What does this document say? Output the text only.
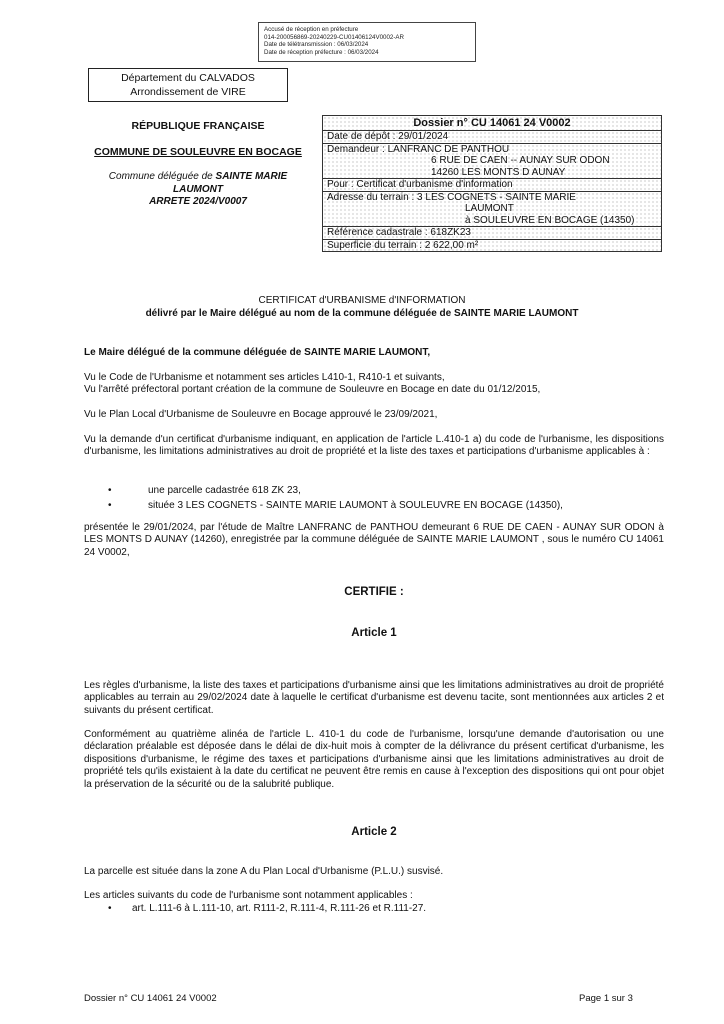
Accusé de réception en préfecture
014-200056869-20240229-CU01406124V0002-AR
Date de télétransmission : 06/03/2024
Date de réception préfecture : 06/03/2024
Département du CALVADOS
Arrondissement de VIRE
RÉPUBLIQUE FRANÇAISE
COMMUNE DE SOULEUVRE EN BOCAGE
Commune déléguée de SAINTE MARIE
LAUMONT
ARRETE 2024/V0007
Dossier n° CU 14061 24 V0002
Date de dépôt : 29/01/2024
Demandeur : LANFRANC DE PANTHOU
6 RUE DE CAEN -- AUNAY SUR ODON
14260 LES MONTS D AUNAY
Pour : Certificat d'urbanisme d'information
Adresse du terrain : 3 LES COGNETS - SAINTE MARIE
LAUMONT
à SOULEUVRE EN BOCAGE (14350)
Référence cadastrale : 618ZK23
Superficie du terrain : 2 622,00 m²
CERTIFICAT d'URBANISME d'INFORMATION
délivré par le Maire délégué au nom de la commune déléguée de SAINTE MARIE LAUMONT
Le Maire délégué de la commune déléguée de SAINTE MARIE LAUMONT,
Vu le Code de l'Urbanisme et notamment ses articles L410-1, R410-1 et suivants,
Vu l'arrêté préfectoral portant création de la commune de Souleuvre en Bocage en date du 01/12/2015,
Vu le Plan Local d'Urbanisme de Souleuvre en Bocage approuvé le 23/09/2021,
Vu la demande d'un certificat d'urbanisme indiquant, en application de l'article L.410-1 a) du code de l'urbanisme, les dispositions d'urbanisme, les limitations administratives au droit de propriété et la liste des taxes et participations d'urbanisme applicables à :
•	une parcelle cadastrée 618 ZK 23,
•	située 3 LES COGNETS - SAINTE MARIE LAUMONT à SOULEUVRE EN BOCAGE (14350),
présentée le 29/01/2024, par l'étude de Maître LANFRANC de PANTHOU demeurant 6 RUE DE CAEN - AUNAY SUR ODON à LES MONTS D AUNAY (14260), enregistrée par la commune déléguée de SAINTE MARIE LAUMONT , sous le numéro CU 14061 24 V0002,
CERTIFIE :
Article 1
Les règles d'urbanisme, la liste des taxes et participations d'urbanisme ainsi que les limitations administratives au droit de propriété applicables au terrain au 29/02/2024 date à laquelle le certificat d'urbanisme est devenu tacite, sont mentionnées aux articles 2 et suivants du présent certificat.
Conformément au quatrième alinéa de l'article L. 410-1 du code de l'urbanisme, lorsqu'une demande d'autorisation ou une déclaration préalable est déposée dans le délai de dix-huit mois à compter de la délivrance du présent certificat d'urbanisme, les dispositions d'urbanisme, le régime des taxes et participations d'urbanisme ainsi que les limitations administratives au droit de propriété tels qu'ils existaient à la date du certificat ne peuvent être remis en cause à l'exception des dispositions qui ont pour objet la préservation de la sécurité ou de la salubrité publique.
Article 2
La parcelle est située dans la zone A du Plan Local d'Urbanisme (P.L.U.) susvisé.
Les articles suivants du code de l'urbanisme sont notamment applicables :
• art. L.111-6 à L.111-10, art. R111-2, R.111-4, R.111-26 et R.111-27.
Dossier n° CU 14061 24 V0002	Page 1 sur 3
